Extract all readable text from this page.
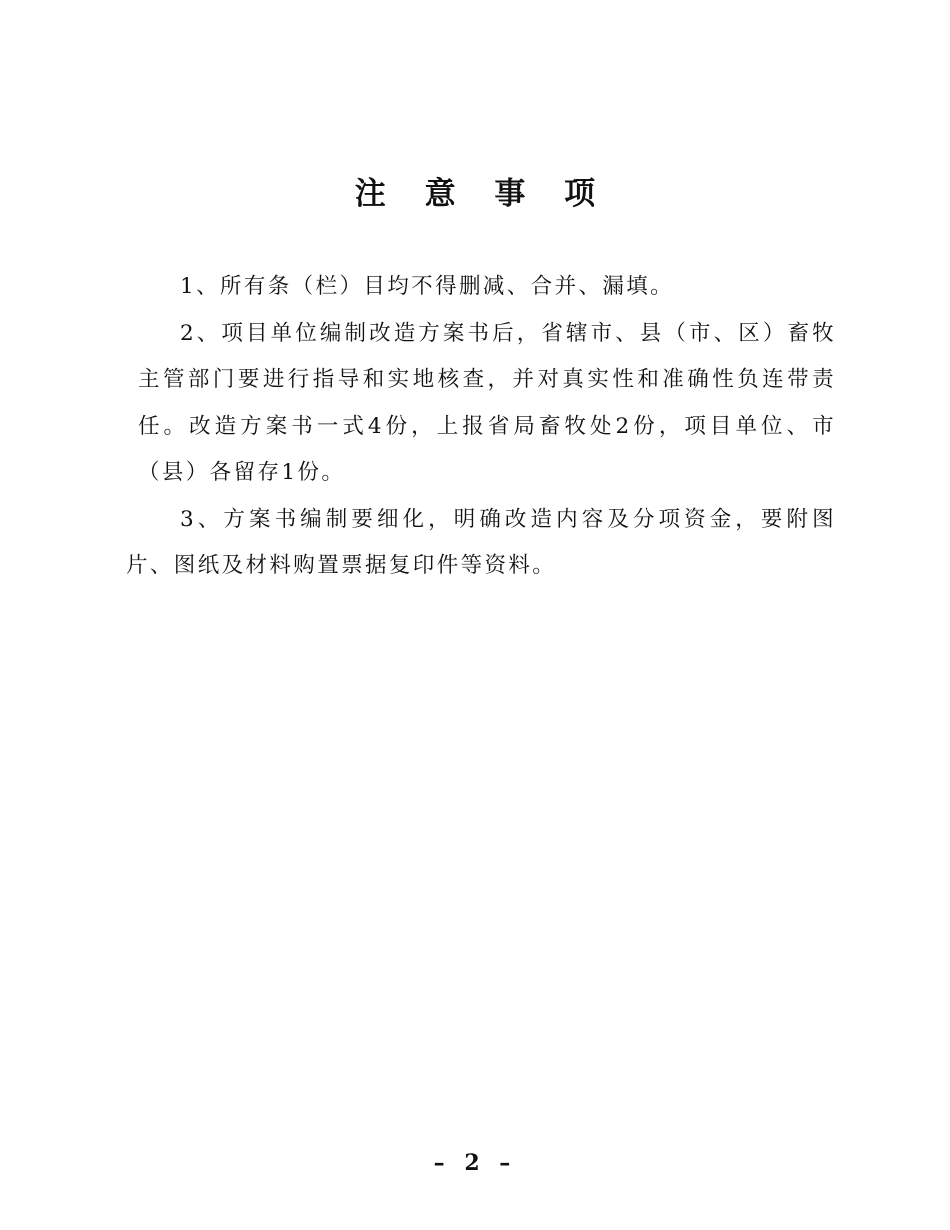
注 意 事 项

1、所有条（栏）目均不得删减、合并、漏填。

2、项目单位编制改造方案书后，省辖市、县（市、区）畜牧主管部门要进行指导和实地核查，并对真实性和准确性负连带责任。改造方案书一式4份，上报省局畜牧处2份，项目单位、市（县）各留存1份。

3、方案书编制要细化，明确改造内容及分项资金，要附图片、图纸及材料购置票据复印件等资料。

– 2 –
